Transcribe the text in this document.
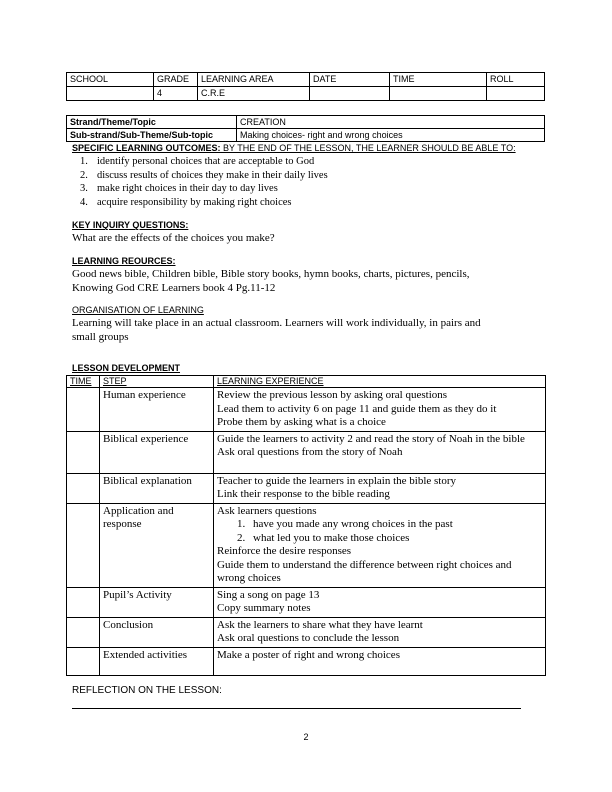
SCHOOL	GRADE	LEARNING AREA	DATE	TIME	ROLL
	4	C.R.E			
Strand/Theme/Topic	CREATION
Sub-strand/Sub-Theme/Sub-topic	Making choices- right and wrong choices
SPECIFIC LEARNING OUTCOMES: BY THE END OF THE LESSON, THE LEARNER SHOULD BE ABLE TO:
1. identify personal choices that are acceptable to God
2. discuss results of choices they make in their daily lives
3. make right choices in their day to day lives
4. acquire responsibility by making right choices
KEY INQUIRY QUESTIONS:
What are the effects of the choices you make?
LEARNING REOURCES:
Good news bible, Children bible, Bible story books, hymn books, charts, pictures, pencils,
Knowing God CRE Learners book 4 Pg.11-12
ORGANISATION OF LEARNING
Learning will take place in an actual classroom. Learners will work individually, in pairs and
small groups
LESSON DEVELOPMENT
TIME	STEP	LEARNING EXPERIENCE
	Human experience	Review the previous lesson by asking oral questions
Lead them to activity 6 on page 11 and guide them as they do it
Probe them by asking what is a choice

	Biblical experience	Guide the learners to activity 2 and read the story of Noah in the bible
Ask oral questions from the story of Noah

	Biblical explanation	Teacher to guide the learners in explain the bible story
Link their response to the bible reading

	Application and response	Ask learners questions
1. have you made any wrong choices in the past
2. what led you to make those choices
Reinforce the desire responses
Guide them to understand the difference between right choices and wrong choices

	Pupil’s Activity	Sing a song on page 13
Copy summary notes

	Conclusion	Ask the learners to share what they have learnt
Ask oral questions to conclude the lesson

	Extended activities	Make a poster of right and wrong choices
REFLECTION ON THE LESSON:
2
